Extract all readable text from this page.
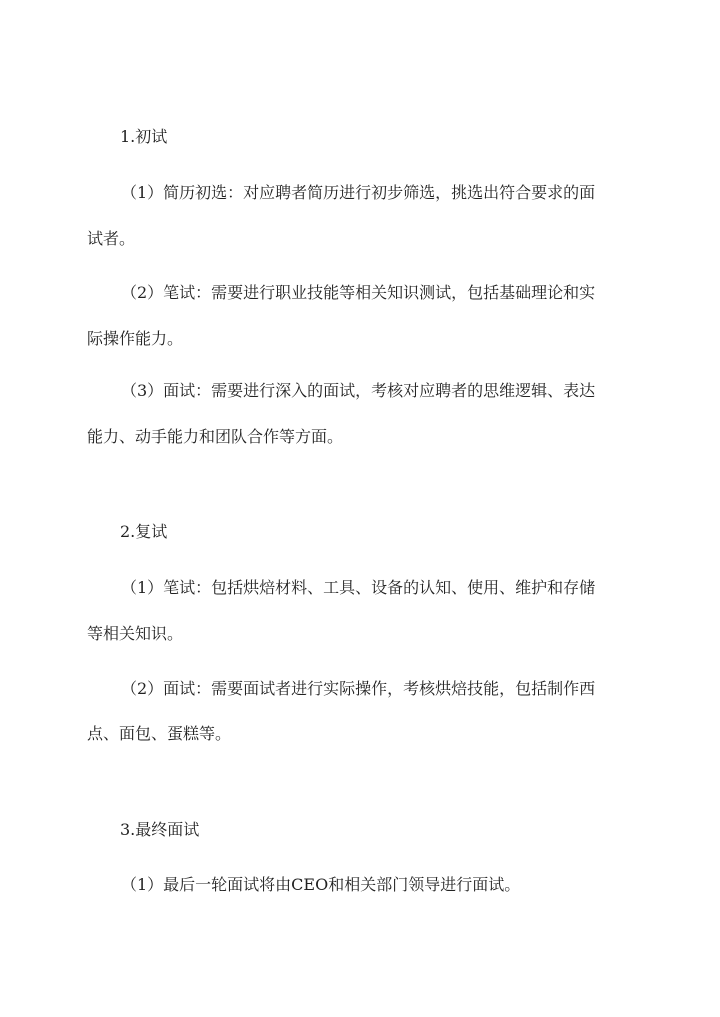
1.初试
（1）简历初选：对应聘者简历进行初步筛选，挑选出符合要求的面
试者。
（2）笔试：需要进行职业技能等相关知识测试，包括基础理论和实
际操作能力。
（3）面试：需要进行深入的面试，考核对应聘者的思维逻辑、表达
能力、动手能力和团队合作等方面。
2.复试
（1）笔试：包括烘焙材料、工具、设备的认知、使用、维护和存储
等相关知识。
（2）面试：需要面试者进行实际操作，考核烘焙技能，包括制作西
点、面包、蛋糕等。
3.最终面试
（1）最后一轮面试将由CEO和相关部门领导进行面试。
